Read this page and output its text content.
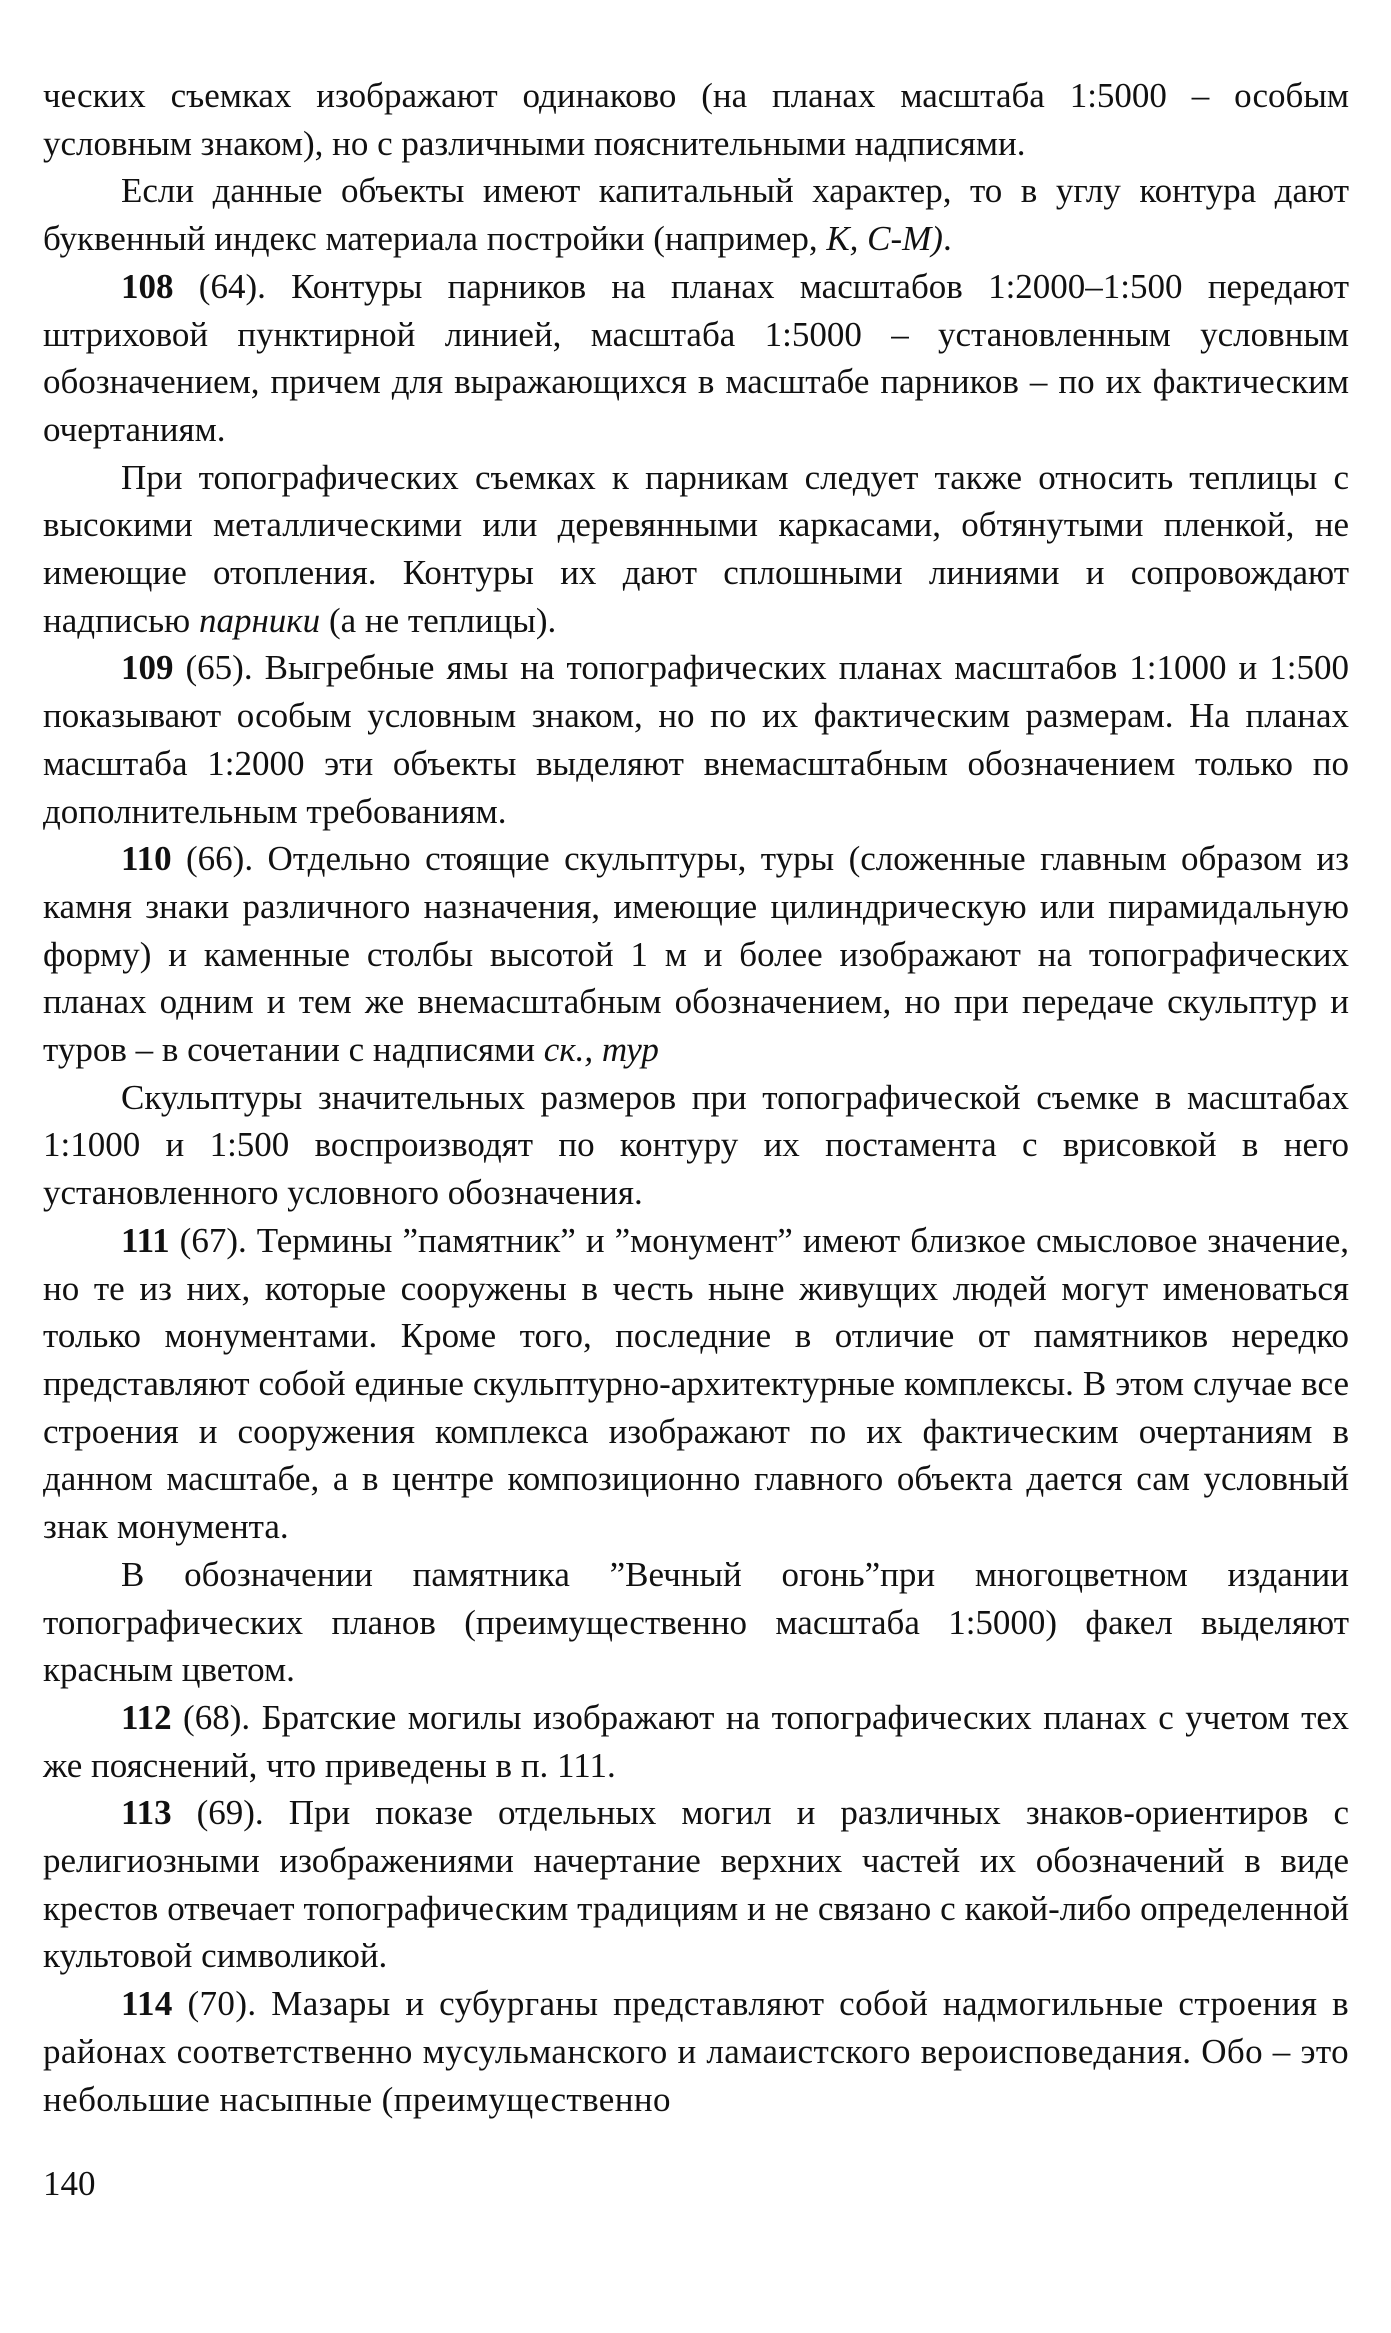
ческих съемках изображают одинаково (на планах масштаба 1:5000 – особым условным знаком), но с различными пояснительными надписями.

Если данные объекты имеют капитальный характер, то в углу контура дают буквенный индекс материала постройки (например, К, С-М).

108 (64). Контуры парников на планах масштабов 1:2000–1:500 передают штриховой пунктирной линией, масштаба 1:5000 – установленным условным обозначением, причем для выражающихся в масштабе парников – по их фактическим очертаниям.

При топографических съемках к парникам следует также относить теплицы с высокими металлическими или деревянными каркасами, обтянутыми пленкой, не имеющие отопления. Контуры их дают сплошными линиями и сопровождают надписью парники (а не теплицы).

109 (65). Выгребные ямы на топографических планах масштабов 1:1000 и 1:500 показывают особым условным знаком, но по их фактическим размерам. На планах масштаба 1:2000 эти объекты выделяют внемасштабным обозначением только по дополнительным требованиям.

110 (66). Отдельно стоящие скульптуры, туры (сложенные главным образом из камня знаки различного назначения, имеющие цилиндрическую или пирамидальную форму) и каменные столбы высотой 1 м и более изображают на топографических планах одним и тем же внемасштабным обозначением, но при передаче скульптур и туров – в сочетании с надписями ск., тур

Скульптуры значительных размеров при топографической съемке в масштабах 1:1000 и 1:500 воспроизводят по контуру их постамента с врисовкой в него установленного условного обозначения.

111 (67). Термины ”памятник” и ”монумент” имеют близкое смысловое значение, но те из них, которые сооружены в честь ныне живущих людей могут именоваться только монументами. Кроме того, последние в отличие от памятников нередко представляют собой единые скульптурно-архитектурные комплексы. В этом случае все строения и сооружения комплекса изображают по их фактическим очертаниям в данном масштабе, а в центре композиционно главного объекта дается сам условный знак монумента.

В обозначении памятника ”Вечный огонь”при многоцветном издании топографических планов (преимущественно масштаба 1:5000) факел выделяют красным цветом.

112 (68). Братские могилы изображают на топографических планах с учетом тех же пояснений, что приведены в п. 111.

113 (69). При показе отдельных могил и различных знаков-ориентиров с религиозными изображениями начертание верхних частей их обозначений в виде крестов отвечает топографическим традициям и не связано с какой-либо определенной культовой символикой.

114 (70). Мазары и субурганы представляют собой надмогильные строения в районах соответственно мусульманского и ламаистского вероисповедания. Обо – это небольшие насыпные (преимущественно

140
